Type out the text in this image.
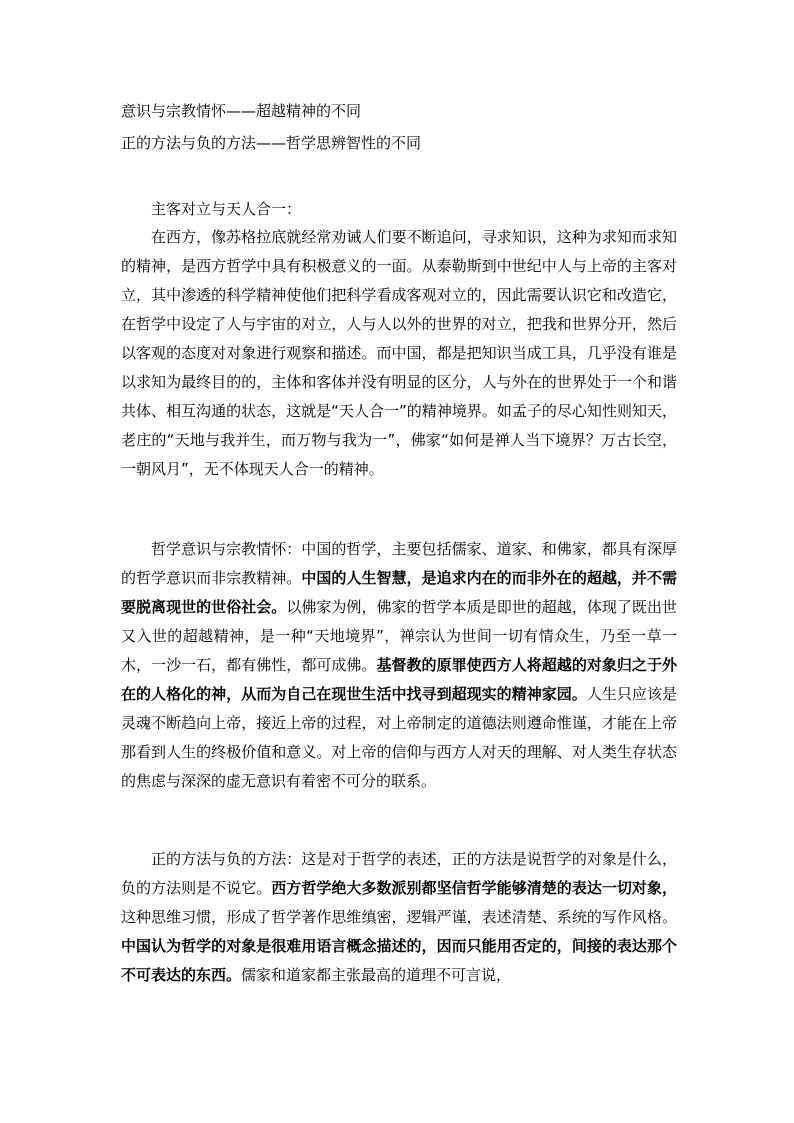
意识与宗教情怀——超越精神的不同
正的方法与负的方法——哲学思辨智性的不同

主客对立与天人合一：

在西方，像苏格拉底就经常劝诫人们要不断追问，寻求知识，这种为求知而求知的精神，是西方哲学中具有积极意义的一面。从泰勒斯到中世纪中人与上帝的主客对立，其中渗透的科学精神使他们把科学看成客观对立的，因此需要认识它和改造它，在哲学中设定了人与宇宙的对立，人与人以外的世界的对立，把我和世界分开，然后以客观的态度对对象进行观察和描述。而中国，都是把知识当成工具，几乎没有谁是以求知为最终目的的，主体和客体并没有明显的区分，人与外在的世界处于一个和谐共体、相互沟通的状态，这就是“天人合一”的精神境界。如孟子的尽心知性则知天，老庄的“天地与我并生，而万物与我为一”，佛家“如何是禅人当下境界？万古长空，一朝风月”，无不体现天人合一的精神。

哲学意识与宗教情怀：中国的哲学，主要包括儒家、道家、和佛家，都具有深厚的哲学意识而非宗教精神。中国的人生智慧，是追求内在的而非外在的超越，并不需要脱离现世的世俗社会。以佛家为例，佛家的哲学本质是即世的超越，体现了既出世又入世的超越精神，是一种“天地境界”，禅宗认为世间一切有情众生，乃至一草一木，一沙一石，都有佛性，都可成佛。基督教的原罪使西方人将超越的对象归之于外在的人格化的神，从而为自己在现世生活中找寻到超现实的精神家园。人生只应该是灵魂不断趋向上帝，接近上帝的过程，对上帝制定的道德法则遵命惟谨，才能在上帝那看到人生的终极价值和意义。对上帝的信仰与西方人对天的理解、对人类生存状态的焦虑与深深的虚无意识有着密不可分的联系。

正的方法与负的方法：这是对于哲学的表述，正的方法是说哲学的对象是什么，负的方法则是不说它。西方哲学绝大多数派别都坚信哲学能够清楚的表达一切对象，这种思维习惯，形成了哲学著作思维缜密，逻辑严谨，表述清楚、系统的写作风格。中国认为哲学的对象是很难用语言概念描述的，因而只能用否定的，间接的表达那个不可表达的东西。儒家和道家都主张最高的道理不可言说，
